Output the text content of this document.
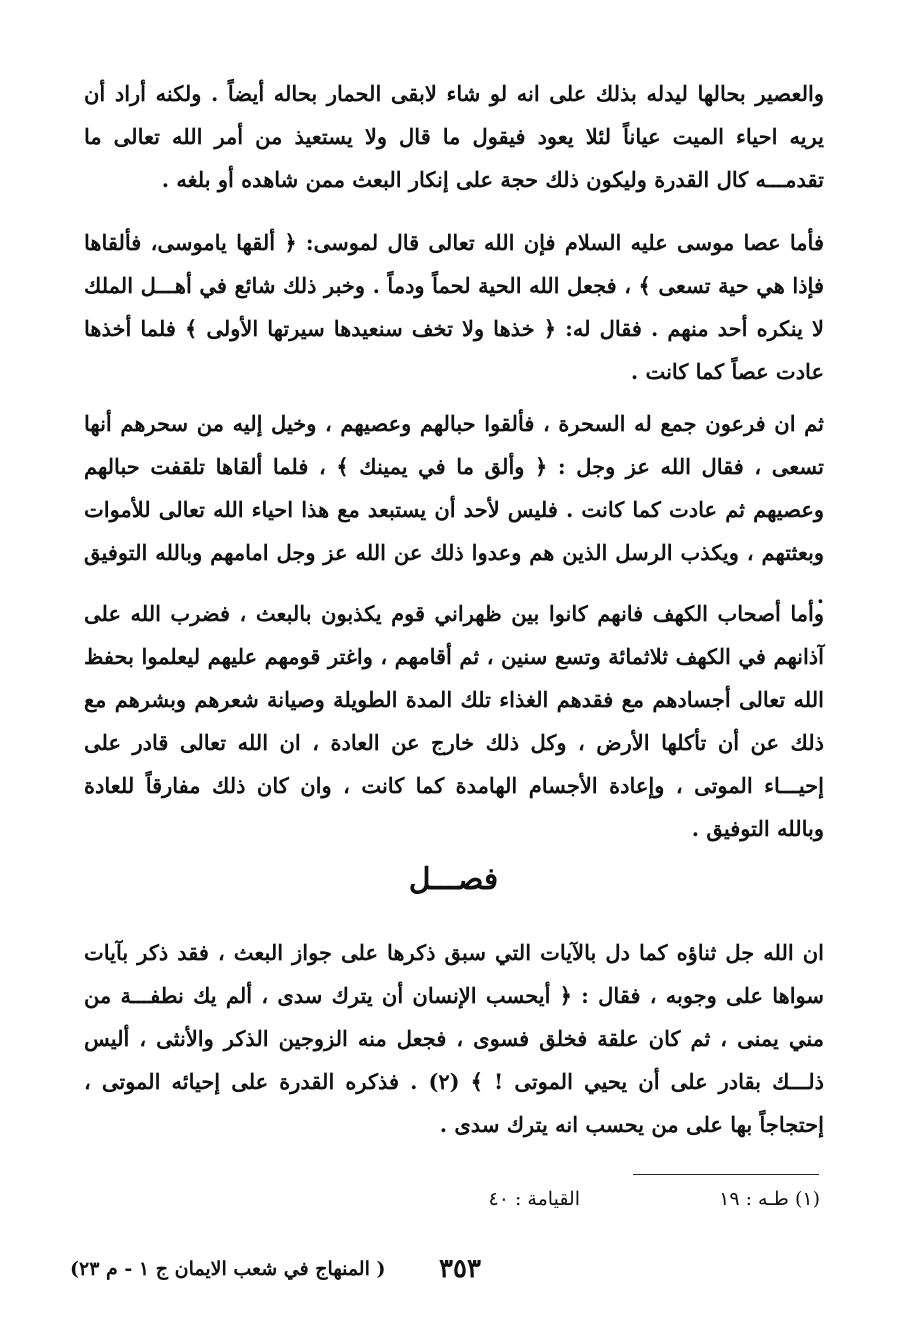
والعصير بحالها ليدله بذلك على انه لو شاء لابقى الحمار بحاله أيضاً . ولكنه أراد أن يريه احياء الميت عياناً لئلا يعود فيقول ما قال ولا يستعيذ من أمر الله تعالى ما تقدمـــه كال القدرة وليكون ذلك حجة على إنكار البعث ممن شاهده أو بلغه .

فأما عصا موسى عليه السلام فإن الله تعالى قال لموسى: ﴿ ألقها ياموسى، فألقاها فإذا هي حية تسعى ﴾ ، فجعل الله الحية لحماً ودماً . وخبر ذلك شائع في أهـــل الملك لا ينكره أحد منهم . فقال له: ﴿ خذها ولا تخف سنعيدها سيرتها الأولى ﴾ فلما أخذها عادت عصاً كما كانت .

ثم ان فرعون جمع له السحرة ، فألقوا حبالهم وعصيهم ، وخيل إليه من سحرهم أنها تسعى ، فقال الله عز وجل : ﴿ وألق ما في يمينك ﴾ ، فلما ألقاها تلقفت حبالهم وعصيهم ثم عادت كما كانت . فليس لأحد أن يستبعد مع هذا احياء الله تعالى للأموات وبعثتهم ، ويكذب الرسل الذين هم وعدوا ذلك عن الله عز وجل امامهم وبالله التوفيق .

وأما أصحاب الكهف فانهم كانوا بين ظهراني قوم يكذبون بالبعث ، فضرب الله على آذانهم في الكهف ثلاثمائة وتسع سنين ، ثم أقامهم ، واغتر قومهم عليهم ليعلموا بحفظ الله تعالى أجسادهم مع فقدهم الغذاء تلك المدة الطويلة وصيانة شعرهم وبشرهم مع ذلك عن أن تأكلها الأرض ، وكل ذلك خارج عن العادة ، ان الله تعالى قادر على إحيـــاء الموتى ، وإعادة الأجسام الهامدة كما كانت ، وان كان ذلك مفارقاً للعادة وبالله التوفيق .

فصـــل

ان الله جل ثناؤه كما دل بالآيات التي سبق ذكرها على جواز البعث ، فقد ذكر بآيات سواها على وجوبه ، فقال : ﴿ أيحسب الإنسان أن يترك سدى ، ألم يك نطفـــة من مني يمنى ، ثم كان علقة فخلق فسوى ، فجعل منه الزوجين الذكر والأنثى ، أليس ذلـــك بقادر على أن يحيي الموتى ! ﴾ (٢) . فذكره القدرة على إحيائه الموتى ، إحتجاجاً بها على من يحسب انه يترك سدى .

(١) طـه : ١٩
القيامة : ٤٠
٣٥٣
( المنهاج في شعب الايمان ج ١ - م ٢٣)
